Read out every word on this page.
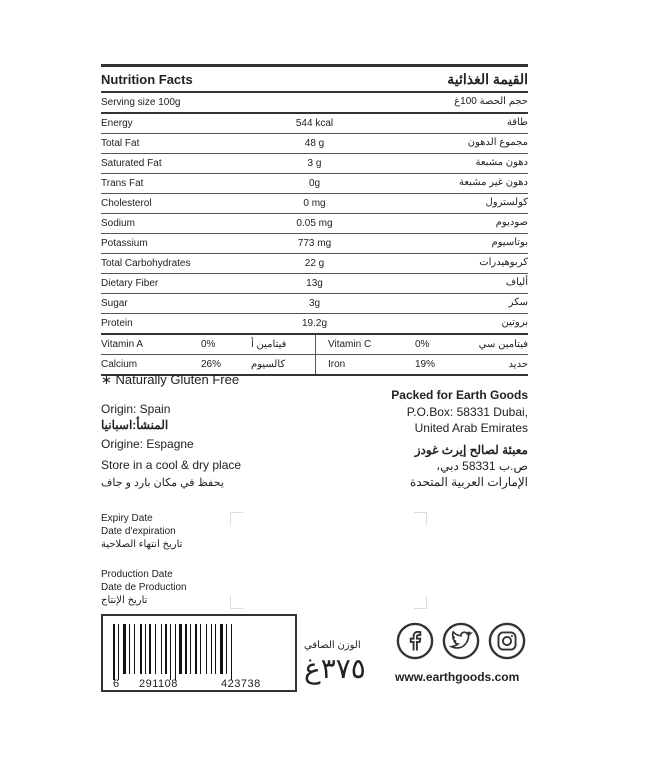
Nutrition Facts	القيمة الغذائية
Serving size 100g	حجم الحصة 100غ
Energy	544 kcal	طاقة
Total Fat	48 g	مجموع الدهون
Saturated Fat	3 g	دهون مشبعة
Trans Fat	0g	دهون غير مشبعة
Cholesterol	0 mg	كولسترول
Sodium	0.05 mg	صوديوم
Potassium	773 mg	بوتاسيوم
Total Carbohydrates	22 g	كربوهيدرات
Dietary Fiber	13g	ألياف
Sugar	3g	سكر
Protein	19.2g	بروتين
Vitamin A	0%	فيتامين أ	Vitamin C	0%	فيتامين سي
Calcium	26%	كالسيوم	Iron	19%	حديد
∗ Naturally Gluten Free
Origin: Spain
المنشأ:اسبانيا
Origine: Espagne
Store in a cool & dry place
يحفظ في مكان بارد و جاف
Packed for Earth Goods
P.O.Box: 58331 Dubai,
United Arab Emirates
معبئة لصالح إيرث غودز
ص.ب 58331 دبي،
الإمارات العربية المتحدة
Expiry Date
Date d'expiration
تاريخ انتهاء الصلاحية
Production Date
Date de Production
تاريخ الإنتاج
6 291108	423738
الوزن الصافي
٣٧٥غ www.earthgoods.com
